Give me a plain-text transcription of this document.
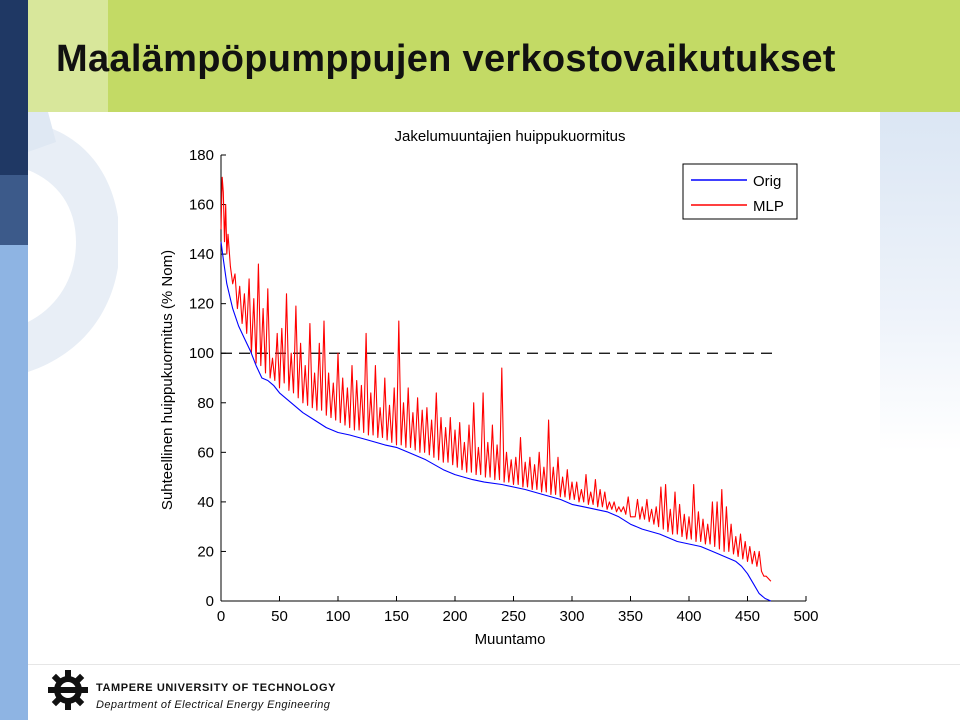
Maalämpöpumppujen verkostovaikutukset
Jakelumuuntajien huippukuormitus
Muuntamo
Suhteellinen huippukuormitus (% Nom)
0	50	100 150 200 250 300 350 400 450 500
0
20
40
60
80
100
120
140
160
180
Orig
MLP
TAMPERE UNIVERSITY OF TECHNOLOGY
Department of Electrical Energy Engineering
